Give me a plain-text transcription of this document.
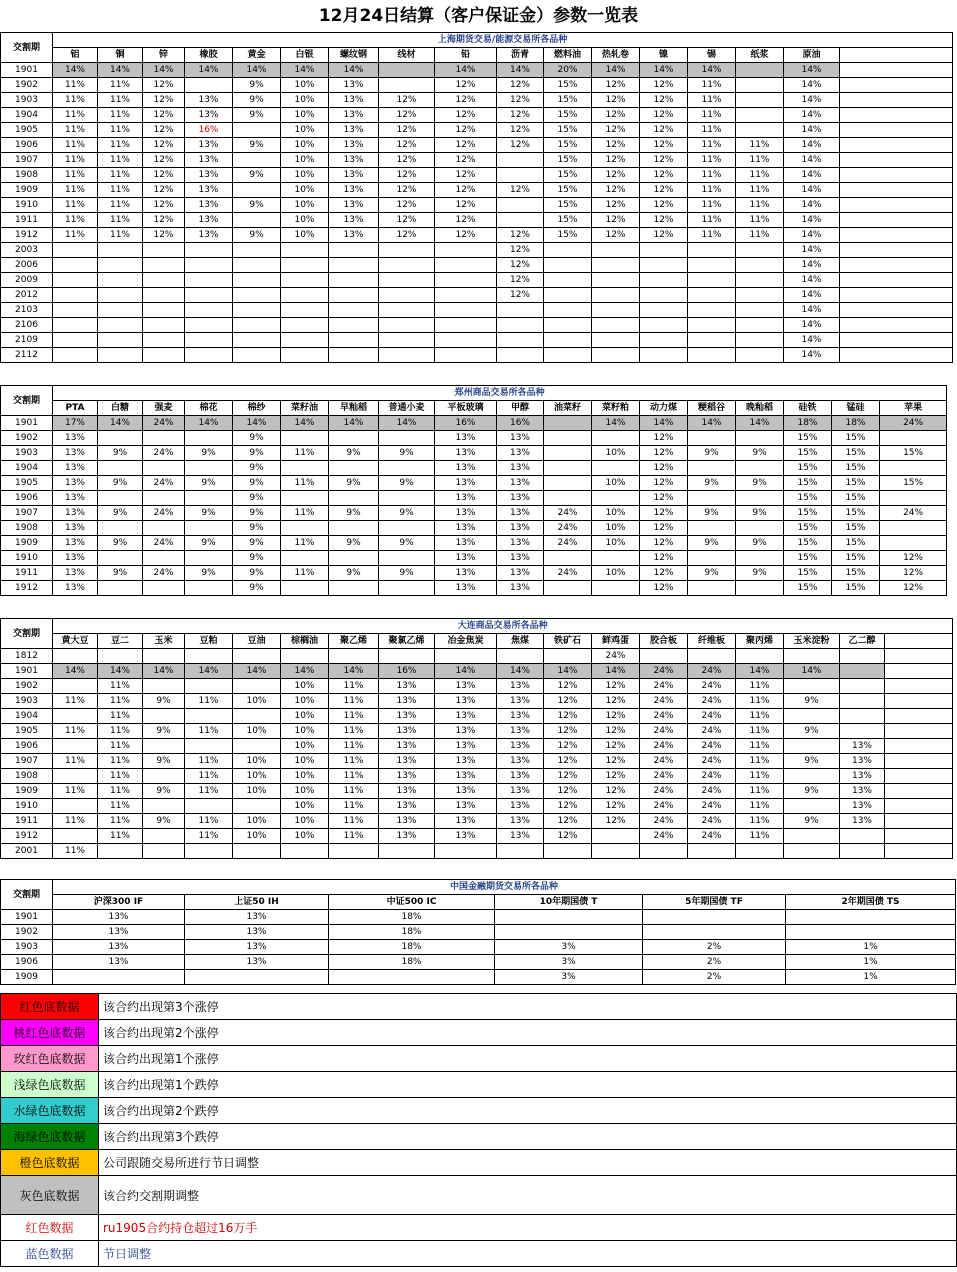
12月24日结算（客户保证金）参数一览表
交割期	上海期货交易/能源交易所各品种																
	铝	铜	锌	橡胶	黄金	白银	螺纹钢	线材	铅	沥青	燃料油	热轧卷	镍	锡	纸浆	原油	
1901	14%	14%	14%	14%	14%	14%	14%		14%	14%	20%	14%	14%	14%		14%	
1902	11%	11%	12%		9%	10%	13%		12%	12%	15%	12%	12%	11%		14%	
1903	11%	11%	12%	13%	9%	10%	13%	12%	12%	12%	15%	12%	12%	11%		14%	
1904	11%	11%	12%	13%	9%	10%	13%	12%	12%	12%	15%	12%	12%	11%		14%	
1905	11%	11%	12%	16%		10%	13%	12%	12%	12%	15%	12%	12%	11%		14%	
1906	11%	11%	12%	13%	9%	10%	13%	12%	12%	12%	15%	12%	12%	11%	11%	14%	
1907	11%	11%	12%	13%		10%	13%	12%	12%		15%	12%	12%	11%	11%	14%	
1908	11%	11%	12%	13%	9%	10%	13%	12%	12%		15%	12%	12%	11%	11%	14%	
1909	11%	11%	12%	13%		10%	13%	12%	12%	12%	15%	12%	12%	11%	11%	14%	
1910	11%	11%	12%	13%	9%	10%	13%	12%	12%		15%	12%	12%	11%	11%	14%	
1911	11%	11%	12%	13%		10%	13%	12%	12%		15%	12%	12%	11%	11%	14%	
1912	11%	11%	12%	13%	9%	10%	13%	12%	12%	12%	15%	12%	12%	11%	11%	14%	
2003										12%						14%	
2006										12%						14%	
2009										12%						14%	
2012										12%						14%	
2103																14%	
2106																14%	
2109																14%	
2112																14%	
交割期	郑州商品交易所各品种																	
	PTA	白糖	强麦	棉花	棉纱	菜籽油	早籼稻	普通小麦	平板玻璃	甲醇	油菜籽	菜籽粕	动力煤	粳稻谷	晚籼稻	硅铁	锰硅	苹果
1901	17%	14%	24%	14%	14%	14%	14%	14%	16%	16%		14%	14%	14%	14%	18%	18%	24%
1902	13%				9%				13%	13%			12%			15%	15%	
1903	13%	9%	24%	9%	9%	11%	9%	9%	13%	13%		10%	12%	9%	9%	15%	15%	15%
1904	13%				9%				13%	13%			12%			15%	15%	
1905	13%	9%	24%	9%	9%	11%	9%	9%	13%	13%		10%	12%	9%	9%	15%	15%	15%
1906	13%				9%				13%	13%			12%			15%	15%	
1907	13%	9%	24%	9%	9%	11%	9%	9%	13%	13%	24%	10%	12%	9%	9%	15%	15%	24%
1908	13%				9%				13%	13%	24%	10%	12%			15%	15%	
1909	13%	9%	24%	9%	9%	11%	9%	9%	13%	13%	24%	10%	12%	9%	9%	15%	15%	
1910	13%				9%				13%	13%			12%			15%	15%	12%
1911	13%	9%	24%	9%	9%	11%	9%	9%	13%	13%	24%	10%	12%	9%	9%	15%	15%	12%
1912	13%				9%				13%	13%			12%			15%	15%	12%
交割期	大连商品交易所各品种																	
	黄大豆	豆二	玉米	豆粕	豆油	棕榈油	聚乙烯	聚氯乙烯	冶金焦炭	焦煤	铁矿石	鲜鸡蛋	胶合板	纤维板	聚丙烯	玉米淀粉	乙二醇	
1812												24%						
1901	14%	14%	14%	14%	14%	14%	14%	16%	14%	14%	14%	14%	24%	24%	14%	14%		
1902		11%				10%	11%	13%	13%	13%	12%	12%	24%	24%	11%			
1903	11%	11%	9%	11%	10%	10%	11%	13%	13%	13%	12%	12%	24%	24%	11%	9%		
1904		11%				10%	11%	13%	13%	13%	12%	12%	24%	24%	11%			
1905	11%	11%	9%	11%	10%	10%	11%	13%	13%	13%	12%	12%	24%	24%	11%	9%		
1906		11%				10%	11%	13%	13%	13%	12%	12%	24%	24%	11%		13%	
1907	11%	11%	9%	11%	10%	10%	11%	13%	13%	13%	12%	12%	24%	24%	11%	9%	13%	
1908		11%		11%	10%	10%	11%	13%	13%	13%	12%	12%	24%	24%	11%		13%	
1909	11%	11%	9%	11%	10%	10%	11%	13%	13%	13%	12%	12%	24%	24%	11%	9%	13%	
1910		11%				10%	11%	13%	13%	13%	12%	12%	24%	24%	11%		13%	
1911	11%	11%	9%	11%	10%	10%	11%	13%	13%	13%	12%	12%	24%	24%	11%	9%	13%	
1912		11%		11%	10%	10%	11%	13%	13%	13%	12%		24%	24%	11%			
2001	11%																	
交割期	中国金融期货交易所各品种					
	沪深300 IF	上证50 IH	中证500 IC	10年期国债 T	5年期国债 TF	2年期国债 TS
1901	13%	13%	18%			
1902	13%	13%	18%			
1903	13%	13%	18%	3%	2%	1%
1906	13%	13%	18%	3%	2%	1%
1909				3%	2%	1%
红色底数据	该合约出现第3个涨停
桃红色底数据	该合约出现第2个涨停
玫红色底数据	该合约出现第1个涨停
浅绿色底数据	该合约出现第1个跌停
水绿色底数据	该合约出现第2个跌停
海绿色底数据	该合约出现第3个跌停
橙色底数据	公司跟随交易所进行节日调整
灰色底数据	该合约交割期调整
红色数据	ru1905合约持仓超过16万手
蓝色数据	节日调整
